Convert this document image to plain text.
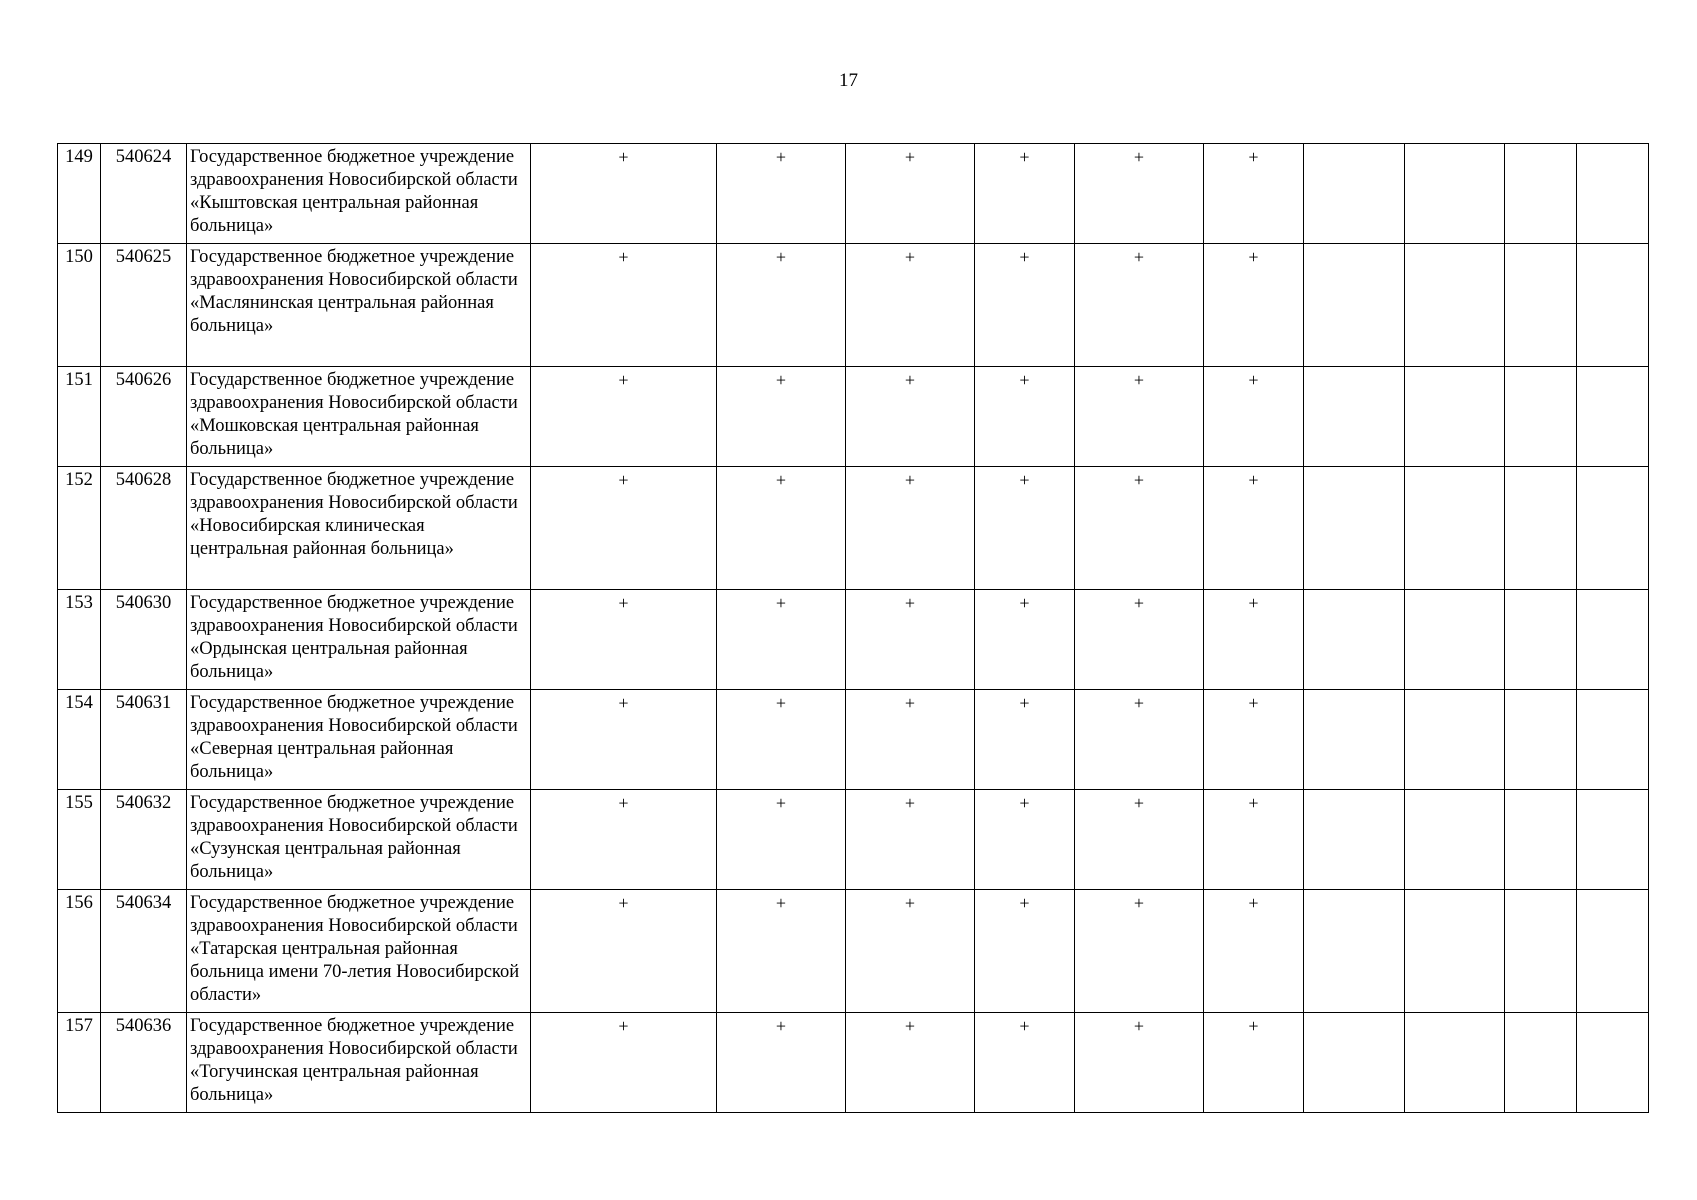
17
149	540624	Государственное бюджетное учреждение здравоохранения Новосибирской области «Кыштовская центральная районная больница»	+	+	+	+	+	+				
150	540625	Государственное бюджетное учреждение здравоохранения Новосибирской области «Маслянинская центральная районная больница»	+	+	+	+	+	+				
151	540626	Государственное бюджетное учреждение здравоохранения Новосибирской области «Мошковская центральная районная больница»	+	+	+	+	+	+				
152	540628	Государственное бюджетное учреждение здравоохранения Новосибирской области «Новосибирская клиническая центральная районная больница»	+	+	+	+	+	+				
153	540630	Государственное бюджетное учреждение здравоохранения Новосибирской области «Ордынская центральная районная больница»	+	+	+	+	+	+				
154	540631	Государственное бюджетное учреждение здравоохранения Новосибирской области «Северная центральная районная больница»	+	+	+	+	+	+				
155	540632	Государственное бюджетное учреждение здравоохранения Новосибирской области «Сузунская центральная районная больница»	+	+	+	+	+	+				
156	540634	Государственное бюджетное учреждение здравоохранения Новосибирской области «Татарская центральная районная больница имени 70-летия Новосибирской области»	+	+	+	+	+	+				
157	540636	Государственное бюджетное учреждение здравоохранения Новосибирской области «Тогучинская центральная районная больница»	+	+	+	+	+	+				
